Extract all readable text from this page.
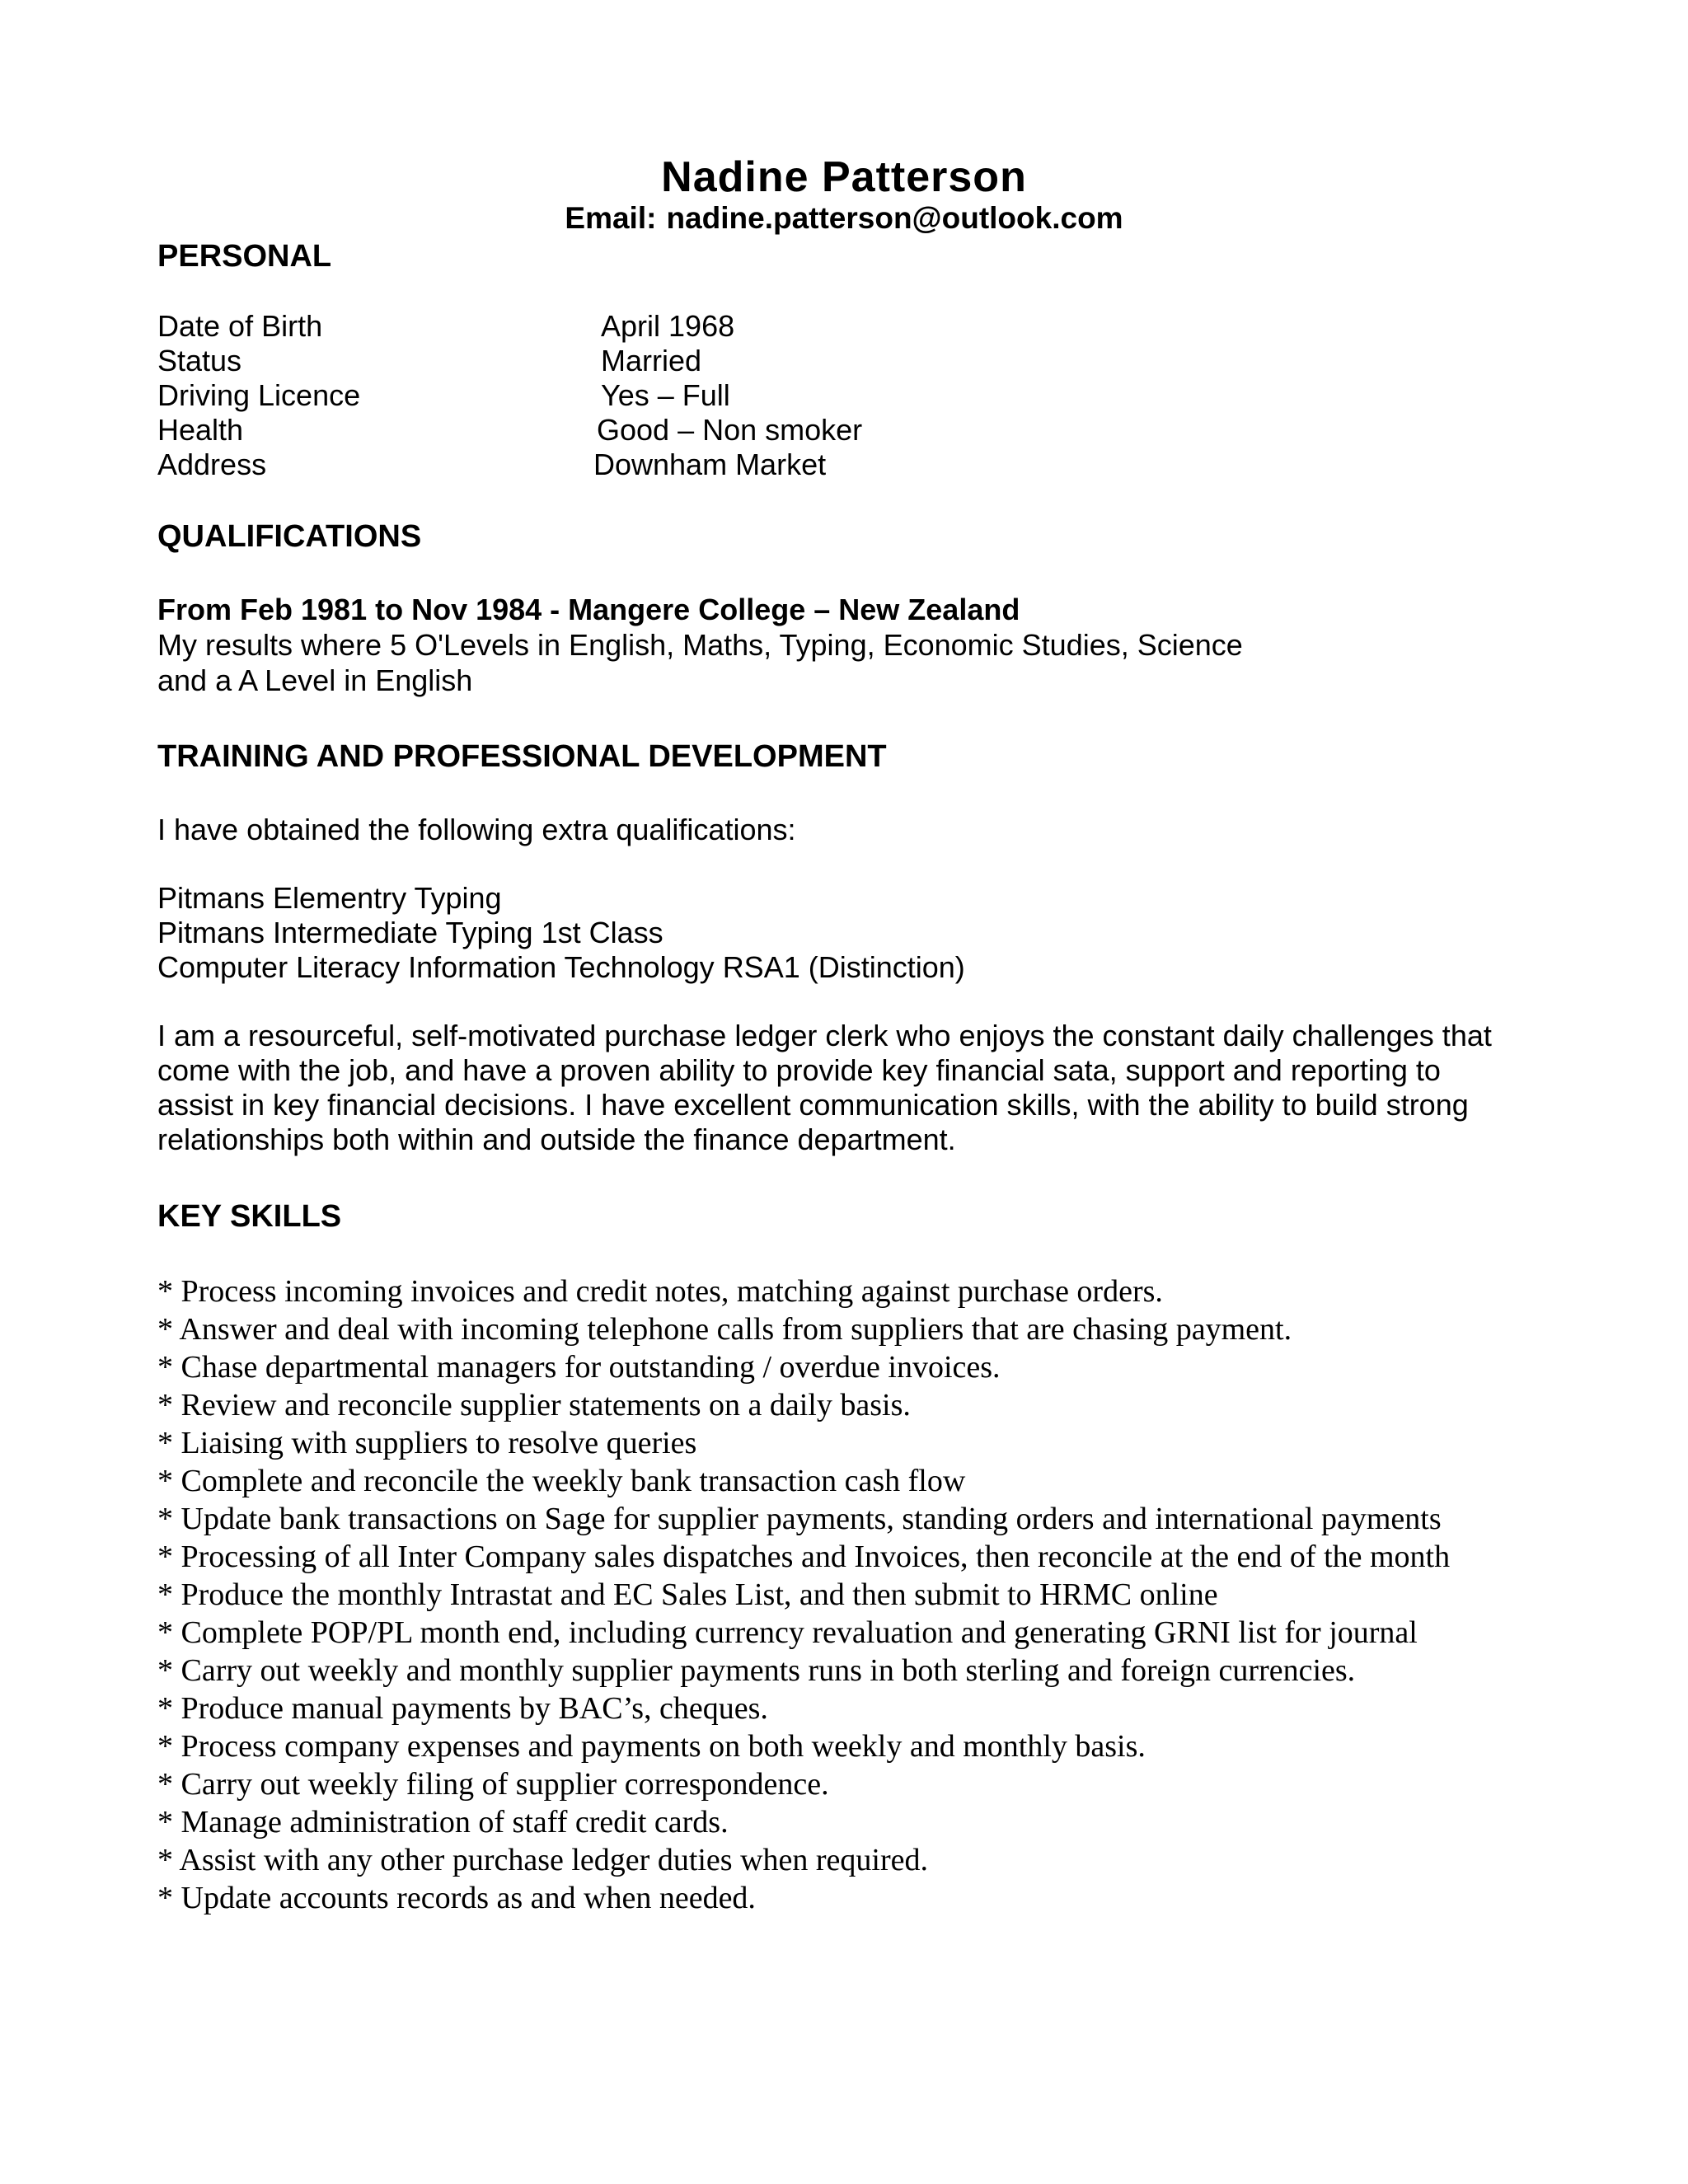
Nadine Patterson
Email: nadine.patterson@outlook.com
PERSONAL
Date of Birth	April 1968
Status	Married
Driving Licence	Yes – Full
Health	Good – Non smoker
Address	Downham Market
QUALIFICATIONS
From Feb 1981 to Nov 1984 - Mangere College – New Zealand
My results where 5 O'Levels in English, Maths, Typing, Economic Studies, Science
and a A Level in English
TRAINING AND PROFESSIONAL DEVELOPMENT
I have obtained the following extra qualifications:
Pitmans Elementry Typing
Pitmans Intermediate Typing 1st Class
Computer Literacy Information Technology RSA1 (Distinction)
I am a resourceful, self-motivated purchase ledger clerk who enjoys the constant daily challenges that
come with the job, and have a proven ability to provide key financial sata, support and reporting to
assist in key financial decisions. I have excellent communication skills, with the ability to build strong
relationships both within and outside the finance department.
KEY SKILLS
* Process incoming invoices and credit notes, matching against purchase orders.
* Answer and deal with incoming telephone calls from suppliers that are chasing payment.
* Chase departmental managers for outstanding / overdue invoices.
* Review and reconcile supplier statements on a daily basis.
* Liaising with suppliers to resolve queries
* Complete and reconcile the weekly bank transaction cash flow
* Update bank transactions on Sage for supplier payments, standing orders and international payments
* Processing of all Inter Company sales dispatches and Invoices, then reconcile at the end of the month
* Produce the monthly Intrastat and EC Sales List, and then submit to HRMC online
* Complete POP/PL month end, including currency revaluation and generating GRNI list for journal
* Carry out weekly and monthly supplier payments runs in both sterling and foreign currencies.
* Produce manual payments by BAC’s, cheques.
* Process company expenses and payments on both weekly and monthly basis.
* Carry out weekly filing of supplier correspondence.
* Manage administration of staff credit cards.
* Assist with any other purchase ledger duties when required.
* Update accounts records as and when needed.
